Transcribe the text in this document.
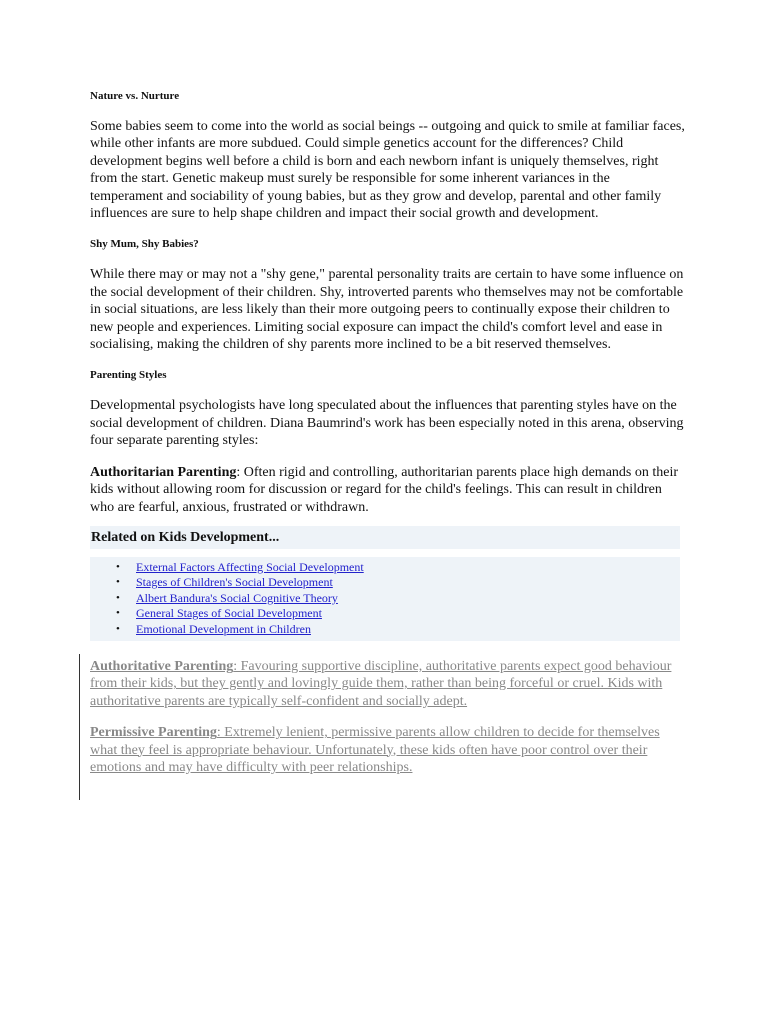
Nature vs. Nurture

Some babies seem to come into the world as social beings -- outgoing and quick to smile at familiar faces, while other infants are more subdued. Could simple genetics account for the differences? Child development begins well before a child is born and each newborn infant is uniquely themselves, right from the start. Genetic makeup must surely be responsible for some inherent variances in the temperament and sociability of young babies, but as they grow and develop, parental and other family influences are sure to help shape children and impact their social growth and development.

Shy Mum, Shy Babies?

While there may or may not a "shy gene," parental personality traits are certain to have some influence on the social development of their children. Shy, introverted parents who themselves may not be comfortable in social situations, are less likely than their more outgoing peers to continually expose their children to new people and experiences. Limiting social exposure can impact the child's comfort level and ease in socialising, making the children of shy parents more inclined to be a bit reserved themselves.

Parenting Styles

Developmental psychologists have long speculated about the influences that parenting styles have on the social development of children. Diana Baumrind's work has been especially noted in this arena, observing four separate parenting styles:

Authoritarian Parenting: Often rigid and controlling, authoritarian parents place high demands on their kids without allowing room for discussion or regard for the child's feelings. This can result in children who are fearful, anxious, frustrated or withdrawn.

Related on Kids Development...
• External Factors Affecting Social Development
• Stages of Children's Social Development
• Albert Bandura's Social Cognitive Theory
• General Stages of Social Development
• Emotional Development in Children

Authoritative Parenting: Favouring supportive discipline, authoritative parents expect good behaviour from their kids, but they gently and lovingly guide them, rather than being forceful or cruel. Kids with authoritative parents are typically self-confident and socially adept.

Permissive Parenting: Extremely lenient, permissive parents allow children to decide for themselves what they feel is appropriate behaviour. Unfortunately, these kids often have poor control over their emotions and may have difficulty with peer relationships.
